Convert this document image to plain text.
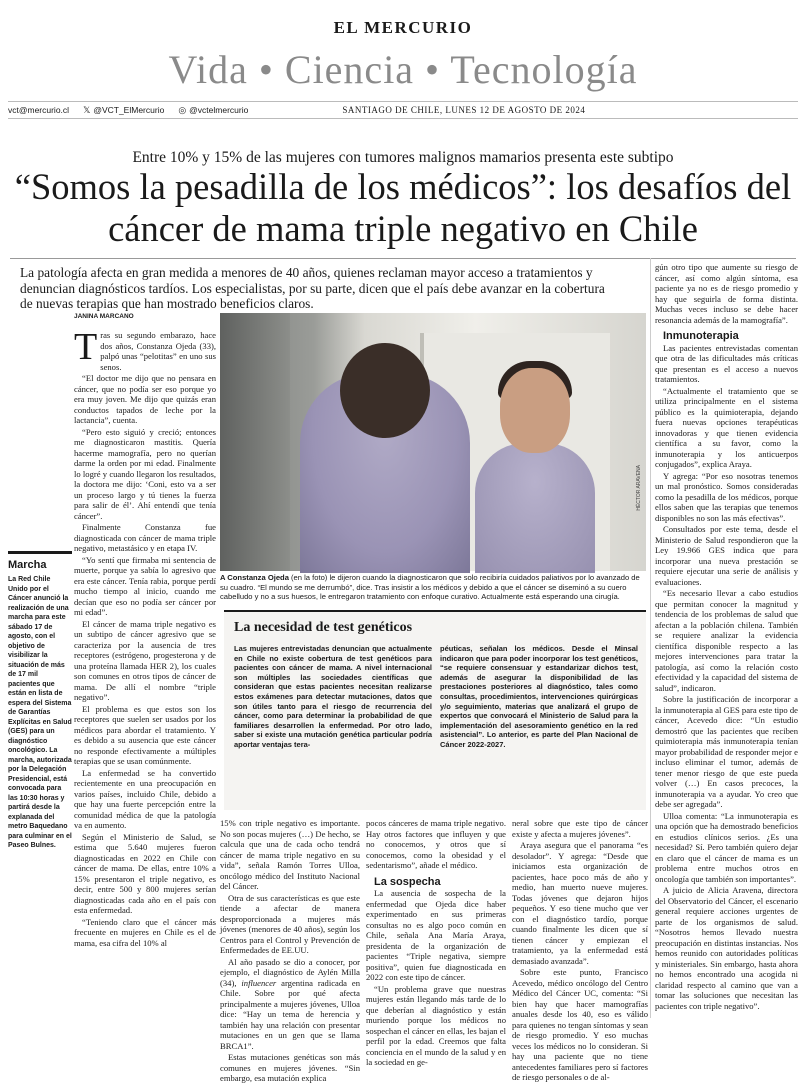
EL MERCURIO
Vida • Ciencia • Tecnología
vct@mercurio.cl 𝕏 @VCT_ElMercurio ◎ @vctelmercurio	SANTIAGO DE CHILE, LUNES 12 DE AGOSTO DE 2024
Entre 10% y 15% de las mujeres con tumores malignos mamarios presenta este subtipo
“Somos la pesadilla de los médicos”: los desafíos del cáncer de mama triple negativo en Chile
La patología afecta en gran medida a menores de 40 años, quienes reclaman mayor acceso a tratamientos y denuncian diagnósticos tardíos. Los especialistas, por su parte, dicen que el país debe avanzar en la cobertura de nuevas terapias que han mostrado beneficios claros.
JANINA MARCANO

Tras su segundo embarazo, hace dos años, Constanza Ojeda (33), palpó unas “pelotitas” en uno sus senos.

“El doctor me dijo que no pensara en cáncer, que no podía ser eso porque yo era muy joven. Me dijo que quizás eran conductos tapados de leche por la lactancia”, cuenta.

“Pero esto siguió y creció; entonces me diagnosticaron mastitis. Quería hacerme mamografía, pero no querían darme la orden por mi edad. Finalmente lo logré y cuando llegaron los resultados, la doctora me dijo: ‘Coni, esto va a ser un proceso largo y tú tienes la fuerza para salir de él’. Ahí entendí que tenía cáncer”.

Finalmente Constanza fue diagnosticada con cáncer de mama triple negativo, metastásico y en etapa IV.

“Yo sentí que firmaba mi sentencia de muerte, porque ya sabía lo agresivo que era este cáncer. Tenía rabia, porque perdí mucho tiempo al inicio, cuando me decían que eso no podía ser cáncer por mi edad”.

El cáncer de mama triple negativo es un subtipo de cáncer agresivo que se caracteriza por la ausencia de tres receptores (estrógeno, progesterona y de una proteína llamada HER 2), los cuales son comunes en otros tipos de cáncer de mama. De allí el nombre “triple negativo”.

El problema es que estos son los receptores que suelen ser usados por los médicos para abordar el tratamiento. Y es debido a su ausencia que este cáncer no responde efectivamente a múltiples terapias que se usan comúnmente.

La enfermedad se ha convertido recientemente en una preocupación en varios países, incluido Chile, debido a que hay una fuerte percepción entre la comunidad médica de que la patología va en aumento.

Según el Ministerio de Salud, se estima que 5.640 mujeres fueron diagnosticadas en 2022 en Chile con cáncer de mama. De ellas, entre 10% a 15% presentaron el triple negativo, es decir, entre 500 y 800 mujeres serían diagnosticadas cada año en el país con esta enfermedad.

“Teniendo claro que el cáncer más frecuente en mujeres en Chile es el de mama, esa cifra del 10% al

Marcha

La Red Chile Unido por el Cáncer anunció la realización de una marcha para este sábado 17 de agosto, con el objetivo de visibilizar la situación de más de 17 mil pacientes que están en lista de espera del Sistema de Garantías Explícitas en Salud (GES) para un diagnóstico oncológico. La marcha, autorizada por la Delegación Presidencial, está convocada para las 10:30 horas y partirá desde la explanada del metro Baquedano para culminar en el Paseo Bulnes.

HÉCTOR ARAVENA
A Constanza Ojeda (en la foto) le dijeron cuando la diagnosticaron que solo recibiría cuidados paliativos por lo avanzado de su cuadro. “El mundo se me derrumbó”, dice. Tras insistir a los médicos y debido a que el cáncer se diseminó a su cuero cabelludo y no a sus huesos, le entregaron tratamiento con enfoque curativo. Actualmente está esperando una cirugía.
La necesidad de test genéticos
Las mujeres entrevistadas denuncian que actualmente en Chile no existe cobertura de test genéticos para pacientes con cáncer de mama. A nivel internacional son múltiples las sociedades científicas que consideran que estas pacientes necesitan realizarse estos exámenes para detectar mutaciones, datos que son útiles tanto para el riesgo de recurrencia del cáncer, como para determinar la probabilidad de que familiares desarrollen la enfermedad. Por otro lado, saber si existe una mutación genética particular podría aportar ventajas tera-
péuticas, señalan los médicos. Desde el Minsal indicaron que para poder incorporar los test genéticos, “se requiere consensuar y estandarizar dichos test, además de asegurar la disponibilidad de las prestaciones posteriores al diagnóstico, tales como consultas, procedimientos, intervenciones quirúrgicas y/o seguimiento, materias que analizará el grupo de expertos que convocará el Ministerio de Salud para la implementación del asesoramiento genético en la red asistencial”. Lo anterior, es parte del Plan Nacional de Cáncer 2022-2027.

15% con triple negativo es importante. No son pocas mujeres (…) De hecho, se calcula que una de cada ocho tendrá cáncer de mama triple negativo en su vida”, señala Ramón Torres Ulloa, oncólogo médico del Instituto Nacional del Cáncer.

Otra de sus características es que este tiende a afectar de manera desproporcionada a mujeres más jóvenes (menores de 40 años), según los Centros para el Control y Prevención de Enfermedades de EE.UU.

Al año pasado se dio a conocer, por ejemplo, el diagnóstico de Aylén Milla (34), influencer argentina radicada en Chile. Sobre por qué afecta principalmente a mujeres jóvenes, Ulloa dice: “Hay un tema de herencia y también hay una relación con presentar mutaciones en un gen que se llama BRCA1”.

Estas mutaciones genéticas son más comunes en mujeres jóvenes. “Sin embargo, esa mutación explica

pocos cánceres de mama triple negativo. Hay otros factores que influyen y que no conocemos, y otros que sí conocemos, como la obesidad y el sedentarismo”, añade el médico.

La sospecha

La ausencia de sospecha de la enfermedad que Ojeda dice haber experimentado en sus primeras consultas no es algo poco común en Chile, señala Ana María Araya, presidenta de la organización de pacientes “Triple negativa, siempre positiva”, quien fue diagnosticada en 2022 con este tipo de cáncer.

“Un problema grave que nuestras mujeres están llegando más tarde de lo que deberían al diagnóstico y están muriendo porque los médicos no sospechan el cáncer en ellas, les bajan el perfil por la edad. Creemos que falta conciencia en el mundo de la salud y en la sociedad en ge-

neral sobre que este tipo de cáncer existe y afecta a mujeres jóvenes”.

Araya asegura que el panorama “es desolador”. Y agrega: “Desde que iniciamos esta organización de pacientes, hace poco más de año y medio, han muerto nueve mujeres. Todas jóvenes que dejaron hijos pequeños. Y eso tiene mucho que ver con el diagnóstico tardío, porque cuando finalmente les dicen que sí tienen cáncer y empiezan el tratamiento, ya la enfermedad está demasiado avanzada”.

Sobre este punto, Francisco Acevedo, médico oncólogo del Centro Médico del Cáncer UC, comenta: “Si bien hay que hacer mamografías anuales desde los 40, eso es válido para quienes no tengan síntomas y sean de riesgo promedio. Y eso muchas veces los médicos no lo consideran. Si hay una paciente que no tiene antecedentes familiares pero sí factores de riesgo personales o de al-

gún otro tipo que aumente su riesgo de cáncer, así como algún síntoma, esa paciente ya no es de riesgo promedio y hay que seguirla de forma distinta. Muchas veces incluso se debe hacer resonancia además de la mamografía”.

Inmunoterapia

Las pacientes entrevistadas comentan que otra de las dificultades más críticas que presentan es el acceso a nuevos tratamientos.

“Actualmente el tratamiento que se utiliza principalmente en el sistema público es la quimioterapia, dejando fuera nuevas opciones terapéuticas innovadoras y que tienen evidencia científica a su favor, como la inmunoterapia y los anticuerpos conjugados”, explica Araya.

Y agrega: “Por eso nosotras tenemos un mal pronóstico. Somos consideradas como la pesadilla de los médicos, porque ellos saben que las terapias que tenemos disponibles no son las más efectivas”.

Consultados por este tema, desde el Ministerio de Salud respondieron que la Ley 19.966 GES indica que para incorporar una nueva prestación se requiere ejecutar una serie de análisis y evaluaciones.

“Es necesario llevar a cabo estudios que permitan conocer la magnitud y tendencia de los problemas de salud que afectan a la población chilena. También se requiere analizar la evidencia científica disponible respecto a las mejores intervenciones para tratar la patología, así como la relación costo efectividad y la capacidad del sistema de salud”, indicaron.

Sobre la justificación de incorporar a la inmunoterapia al GES para este tipo de cáncer, Acevedo dice: “Un estudio demostró que las pacientes que reciben quimioterapia más inmunoterapia tenían mayor probabilidad de responder mejor e incluso eliminar el tumor, además de tener menor riesgo de que este pueda volver (…) En casos precoces, la inmunoterapia va a ayudar. Yo creo que debe ser agregada”.

Ulloa comenta: “La inmunoterapia es una opción que ha demostrado beneficios en estudios clínicos serios. ¿Es una necesidad? Sí. Pero también quiero dejar en claro que el cáncer de mama es un problema entre muchos otros en oncología que también son importantes”.

A juicio de Alicia Aravena, directora del Observatorio del Cáncer, el escenario general requiere acciones urgentes de parte de los organismos de salud. “Nosotros hemos llevado nuestra preocupación en distintas instancias. Nos hemos reunido con autoridades políticas y ministeriales. Sin embargo, hasta ahora no hemos encontrado una acogida ni claridad respecto al camino que van a tomar las soluciones que necesitan las pacientes con triple negativo”.
